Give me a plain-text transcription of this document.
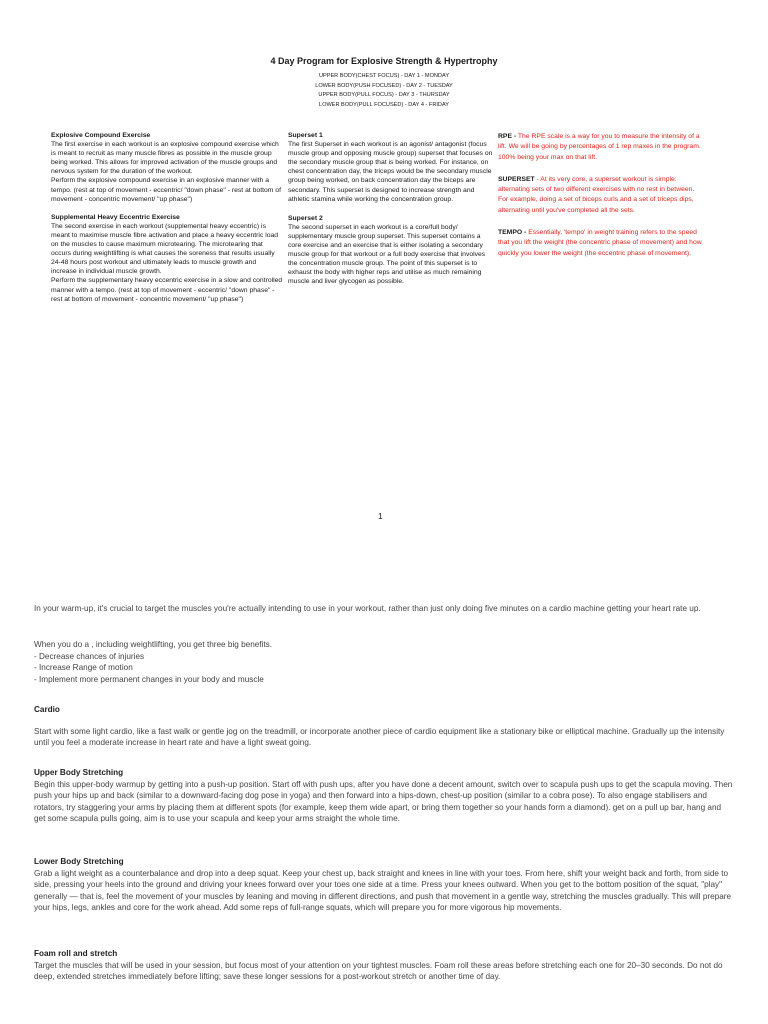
4 Day Program for Explosive Strength & Hypertrophy
UPPER BODY(CHEST FOCUS) - DAY 1 - MONDAY
LOWER BODY(PUSH FOCUSED) - DAY 2 - TUESDAY
UPPER BODY(PULL FOCUS) - DAY 3 - THURSDAY
LOWER BODY(PULL FOCUSED) - DAY 4 - FRIDAY

Explosive Compound Exercise

The first exercise in each workout is an explosive compound exercise which is meant to recruit as many muscle fibres as possible in the muscle group being worked. This allows for improved activation of the muscle groups and nervous system for the duration of the workout.

Perform the explosive compound exercise in an explosive manner with a tempo. (rest at top of movement - eccentric/ "down phase" - rest at bottom of movement - concentric movement/ "up phase")

Supplemental Heavy Eccentric Exercise

The second exercise in each workout (supplemental heavy eccentric) is meant to maximise muscle fibre activation and place a heavy eccentric load on the muscles to cause maximum microtearing. The microtearing that occurs during weightlifting is what causes the soreness that results usually 24-48 hours post workout and ultimately leads to muscle growth and increase in individual muscle growth.

Perform the supplementary heavy eccentric exercise in a slow and controlled manner with a tempo. (rest at top of movement - eccentric/ "down phase" - rest at bottom of movement - concentric movement/ "up phase")

Superset 1

The first Superset in each workout is an agonist/ antagonist (focus muscle group and opposing muscle group) superset that focuses on the secondary muscle group that is being worked. For instance, on chest concentration day, the triceps would be the secondary muscle group being worked, on back concentration day the biceps are secondary. This superset is designed to increase strength and athletic stamina while working the concentration group.

Superset 2

The second superset in each workout is a core/full body/ supplementary muscle group superset. This superset contains a core exercise and an exercise that is either isolating a secondary muscle group for that workout or a full body exercise that involves the concentration muscle group. The point of this superset is to exhaust the body with higher reps and utilise as much remaining muscle and liver glycogen as possible.

RPE - The RPE scale is a way for you to measure the intensity of a lift. We will be going by percentages of 1 rep maxes in the program. 100% being your max on that lift.

SUPERSET - At its very core, a superset workout is simple: alternating sets of two different exercises with no rest in between. For example, doing a set of biceps curls and a set of triceps dips, alternating until you've completed all the sets.

TEMPO - Essentially, 'tempo' in weight training refers to the speed that you lift the weight (the concentric phase of movement) and how quickly you lower the weight (the eccentric phase of movement).

1
In your warm-up, it's crucial to target the muscles you're actually intending to use in your workout, rather than just only doing five minutes on a cardio machine getting your heart rate up.

When you do a , including weightlifting, you get three big benefits.

- Decrease chances of injuries
- Increase Range of motion
- Implement more permanent changes in your body and muscle

Cardio

Start with some light cardio, like a fast walk or gentle jog on the treadmill, or incorporate another piece of cardio equipment like a stationary bike or elliptical machine. Gradually up the intensity until you feel a moderate increase in heart rate and have a light sweat going.

Upper Body Stretching

Begin this upper-body warmup by getting into a push-up position. Start off with push ups, after you have done a decent amount, switch over to scapula push ups to get the scapula moving. Then push your hips up and back (similar to a downward-facing dog pose in yoga) and then forward into a hips-down, chest-up position (similar to a cobra pose). To also engage stabilisers and rotators, try staggering your arms by placing them at different spots (for example, keep them wide apart, or bring them together so your hands form a diamond). get on a pull up bar, hang and get some scapula pulls going, aim is to use your scapula and keep your arms straight the whole time.

Lower Body Stretching

Grab a light weight as a counterbalance and drop into a deep squat. Keep your chest up, back straight and knees in line with your toes. From here, shift your weight back and forth, from side to side, pressing your heels into the ground and driving your knees forward over your toes one side at a time. Press your knees outward. When you get to the bottom position of the squat, "play" generally — that is, feel the movement of your muscles by leaning and moving in different directions, and push that movement in a gentle way, stretching the muscles gradually. This will prepare your hips, legs, ankles and core for the work ahead. Add some reps of full-range squats, which will prepare you for more vigorous hip movements.

Foam roll and stretch

Target the muscles that will be used in your session, but focus most of your attention on your tightest muscles. Foam roll these areas before stretching each one for 20–30 seconds. Do not do deep, extended stretches immediately before lifting; save these longer sessions for a post-workout stretch or another time of day.
